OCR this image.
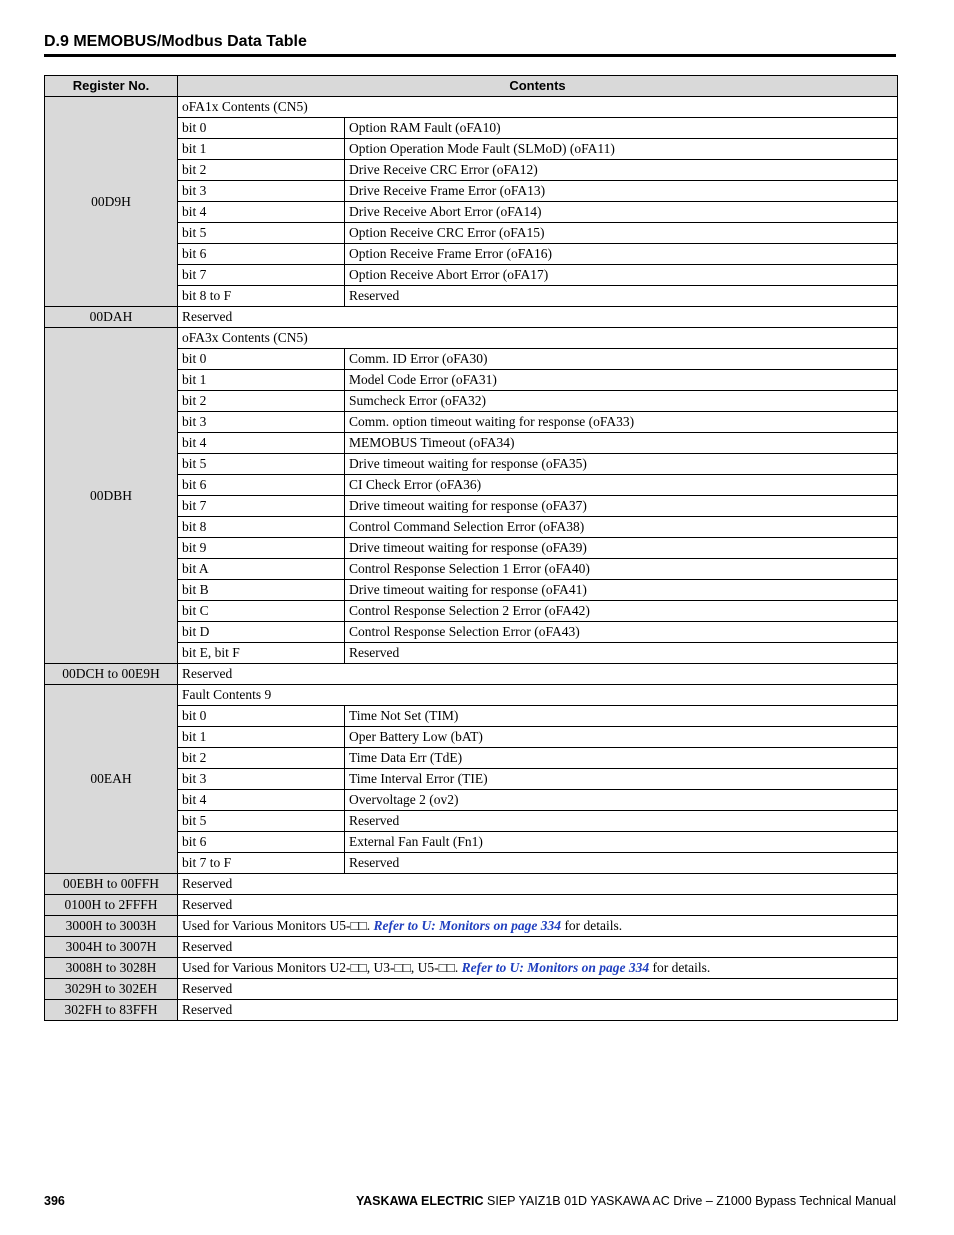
D.9 MEMOBUS/Modbus Data Table
Register No.	Contents	
00D9H	oFA1x Contents (CN5)	
	bit 0	Option RAM Fault (oFA10)
	bit 1	Option Operation Mode Fault (SLMoD) (oFA11)
	bit 2	Drive Receive CRC Error (oFA12)
	bit 3	Drive Receive Frame Error (oFA13)
	bit 4	Drive Receive Abort Error (oFA14)
	bit 5	Option Receive CRC Error (oFA15)
	bit 6	Option Receive Frame Error (oFA16)
	bit 7	Option Receive Abort Error (oFA17)
	bit 8 to F	Reserved
00DAH	Reserved	
00DBH	oFA3x Contents (CN5)	
	bit 0	Comm. ID Error (oFA30)
	bit 1	Model Code Error (oFA31)
	bit 2	Sumcheck Error (oFA32)
	bit 3	Comm. option timeout waiting for response (oFA33)
	bit 4	MEMOBUS Timeout (oFA34)
	bit 5	Drive timeout waiting for response (oFA35)
	bit 6	CI Check Error (oFA36)
	bit 7	Drive timeout waiting for response (oFA37)
	bit 8	Control Command Selection Error (oFA38)
	bit 9	Drive timeout waiting for response (oFA39)
	bit A	Control Response Selection 1 Error (oFA40)
	bit B	Drive timeout waiting for response (oFA41)
	bit C	Control Response Selection 2 Error (oFA42)
	bit D	Control Response Selection Error (oFA43)
	bit E, bit F	Reserved
00DCH to 00E9H	Reserved	
00EAH	Fault Contents 9	
	bit 0	Time Not Set (TIM)
	bit 1	Oper Battery Low (bAT)
	bit 2	Time Data Err (TdE)
	bit 3	Time Interval Error (TIE)
	bit 4	Overvoltage 2 (ov2)
	bit 5	Reserved
	bit 6	External Fan Fault (Fn1)
	bit 7 to F	Reserved
00EBH to 00FFH	Reserved	
0100H to 2FFFH	Reserved	
3000H to 3003H	Used for Various Monitors U5-□□. Refer to U: Monitors on page 334 for details.	
3004H to 3007H	Reserved	
3008H to 3028H	Used for Various Monitors U2-□□, U3-□□, U5-□□. Refer to U: Monitors on page 334 for details.	
3029H to 302EH	Reserved	
302FH to 83FFH	Reserved	
396	YASKAWA ELECTRIC SIEP YAIZ1B 01D YASKAWA AC Drive – Z1000 Bypass Technical Manual
